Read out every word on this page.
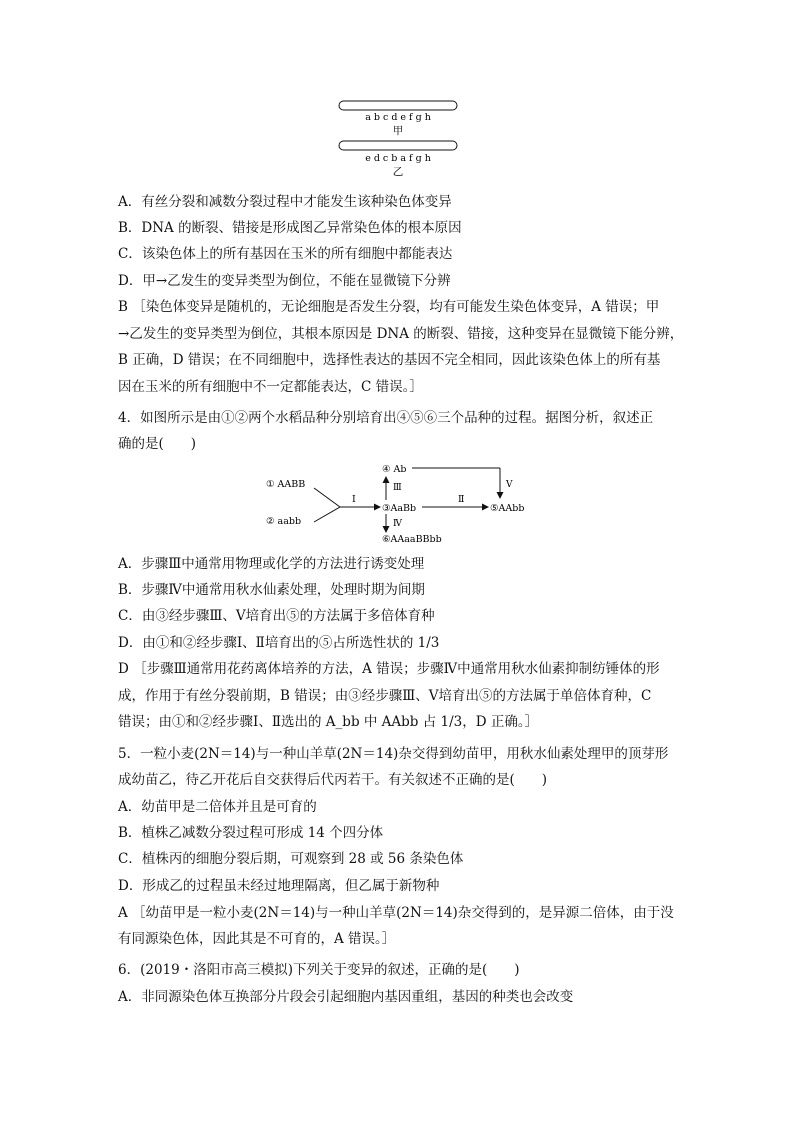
a b c d e f g h
甲
e d c b a f g h
乙
A．有丝分裂和减数分裂过程中才能发生该种染色体变异
B．DNA 的断裂、错接是形成图乙异常染色体的根本原因
C．该染色体上的所有基因在玉米的所有细胞中都能表达
D．甲→乙发生的变异类型为倒位，不能在显微镜下分辨
B ［染色体变异是随机的，无论细胞是否发生分裂，均有可能发生染色体变异，A 错误；甲
→乙发生的变异类型为倒位，其根本原因是 DNA 的断裂、错接，这种变异在显微镜下能分辨，
B 正确，D 错误；在不同细胞中，选择性表达的基因不完全相同，因此该染色体上的所有基
因在玉米的所有细胞中不一定都能表达，C 错误。］
4．如图所示是由①②两个水稻品种分别培育出④⑤⑥三个品种的过程。据图分析，叙述正
确的是(　　)
① AABB
② aabb
Ⅰ
③AaBb
Ⅲ
④ Ab
Ⅴ
Ⅱ
⑤AAbb
Ⅳ
⑥AAaaBBbb
A．步骤Ⅲ中通常用物理或化学的方法进行诱变处理
B．步骤Ⅳ中通常用秋水仙素处理，处理时期为间期
C．由③经步骤Ⅲ、Ⅴ培育出⑤的方法属于多倍体育种
D．由①和②经步骤Ⅰ、Ⅱ培育出的⑤占所选性状的 1/3
D ［步骤Ⅲ通常用花药离体培养的方法，A 错误；步骤Ⅳ中通常用秋水仙素抑制纺锤体的形
成，作用于有丝分裂前期，B 错误；由③经步骤Ⅲ、Ⅴ培育出⑤的方法属于单倍体育种，C
错误；由①和②经步骤Ⅰ、Ⅱ选出的 A_bb 中 AAbb 占 1/3，D 正确。］
5．一粒小麦(2N＝14)与一种山羊草(2N＝14)杂交得到幼苗甲，用秋水仙素处理甲的顶芽形
成幼苗乙，待乙开花后自交获得后代丙若干。有关叙述不正确的是(　　)
A．幼苗甲是二倍体并且是可育的
B．植株乙减数分裂过程可形成 14 个四分体
C．植株丙的细胞分裂后期，可观察到 28 或 56 条染色体
D．形成乙的过程虽未经过地理隔离，但乙属于新物种
A ［幼苗甲是一粒小麦(2N＝14)与一种山羊草(2N＝14)杂交得到的，是异源二倍体，由于没
有同源染色体，因此其是不可育的，A 错误。］
6．(2019・洛阳市高三模拟)下列关于变异的叙述，正确的是(　　)
A．非同源染色体互换部分片段会引起细胞内基因重组，基因的种类也会改变
